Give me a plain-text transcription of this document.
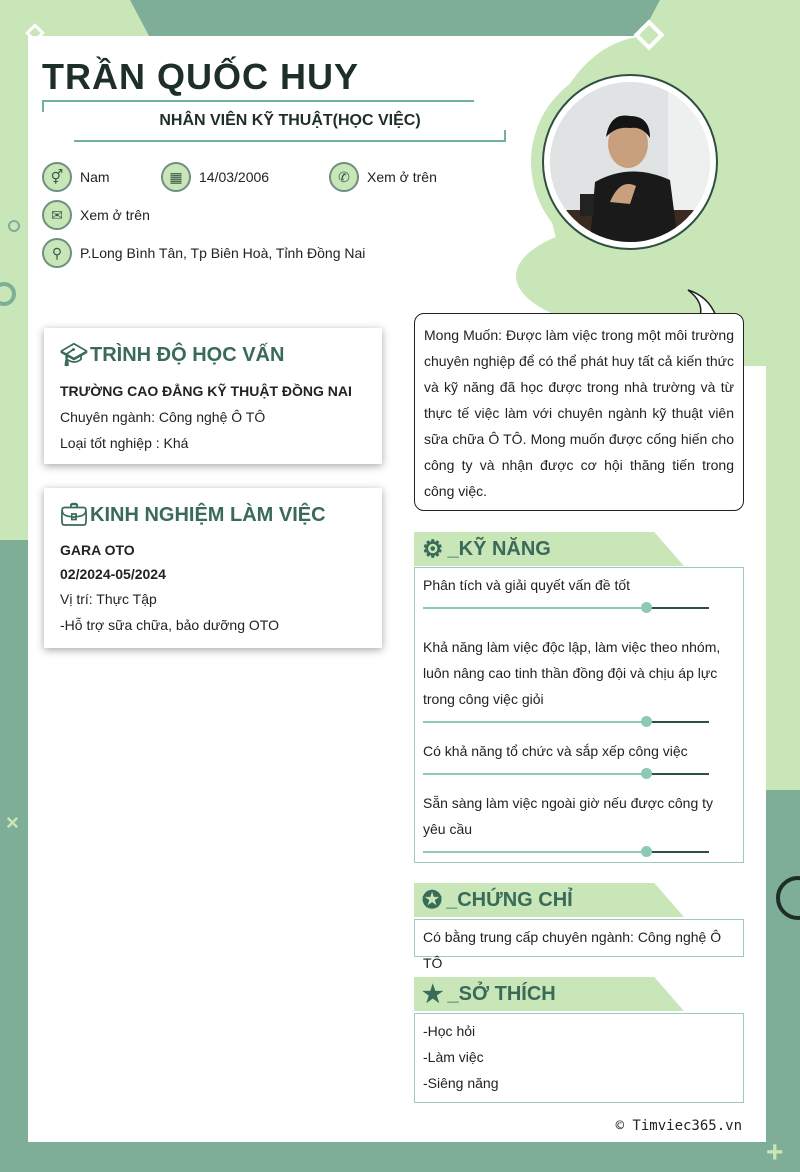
×
+
TRẦN QUỐC HUY
NHÂN VIÊN KỸ THUẬT(HỌC VIỆC)
⚥	Nam	▦	14/03/2006	✆	Xem ở trên
✉	Xem ở trên
⚲	P.Long Bình Tân, Tp Biên Hoà, Tỉnh Đồng Nai
🎓︎ TRÌNH ĐỘ HỌC VẤN

TRƯỜNG CAO ĐẲNG KỸ THUẬT ĐỒNG NAI

Chuyên ngành: Công nghệ Ô TÔ

Loại tốt nghiệp : Khá

💼︎ KINH NGHIỆM LÀM VIỆC

GARA OTO

02/2024-05/2024

Vị trí: Thực Tập

-Hỗ trợ sữa chữa, bảo dưỡng OTO

Mong Muốn: Được làm việc trong một môi trường chuyên nghiệp để có thể phát huy tất cả kiến thức và kỹ năng đã học được trong nhà trường và từ thực tế việc làm với chuyên ngành kỹ thuật viên sữa chữa Ô TÔ. Mong muốn được cống hiến cho công ty và nhận được cơ hội thăng tiến trong công việc.
⚙ _KỸ NĂNG
Phân tích và giải quyết vấn đề tốt
Khả năng làm việc độc lập, làm việc theo nhóm, luôn nâng cao tinh thần đồng đội và chịu áp lực trong công việc giỏi
Có khả năng tổ chức và sắp xếp công việc
Sẵn sàng làm việc ngoài giờ nếu được công ty yêu cầu
✪ _CHỨNG CHỈ
Có bằng trung cấp chuyên ngành: Công nghệ Ô TÔ
★ _SỞ THÍCH
-Học hỏi
-Làm việc
-Siêng năng
© Timviec365.vn
